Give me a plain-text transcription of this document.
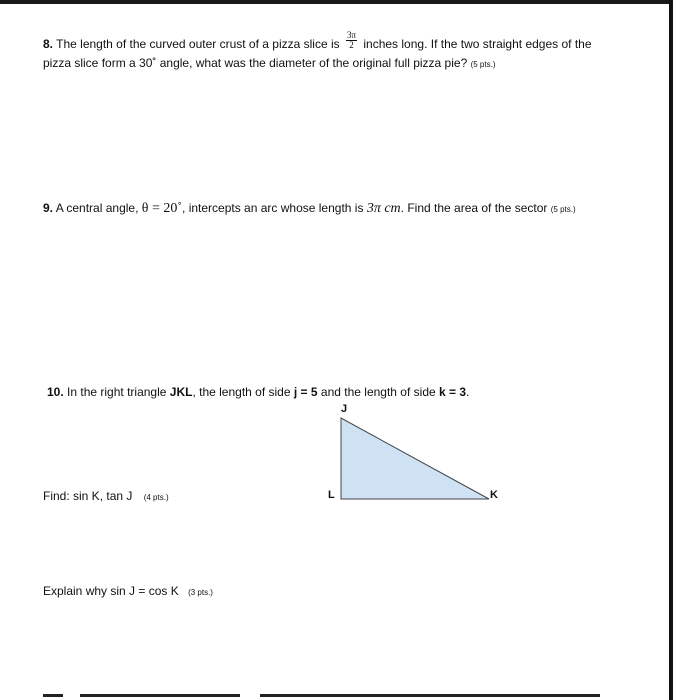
8. The length of the curved outer crust of a pizza slice is $\frac{3\pi}{2}$ inches long. If the two straight edges of the
pizza slice form a 30˚ angle, what was the diameter of the original full pizza pie? (5 pts.)
9. A central angle, θ = 20˚, intercepts an arc whose length is 3π cm. Find the area of the sector (5 pts.)
10. In the right triangle JKL, the length of side j = 5 and the length of side k = 3.
J
L	K
Find: sin K, tan J (4 pts.)
Explain why sin J = cos K (3 pts.)
